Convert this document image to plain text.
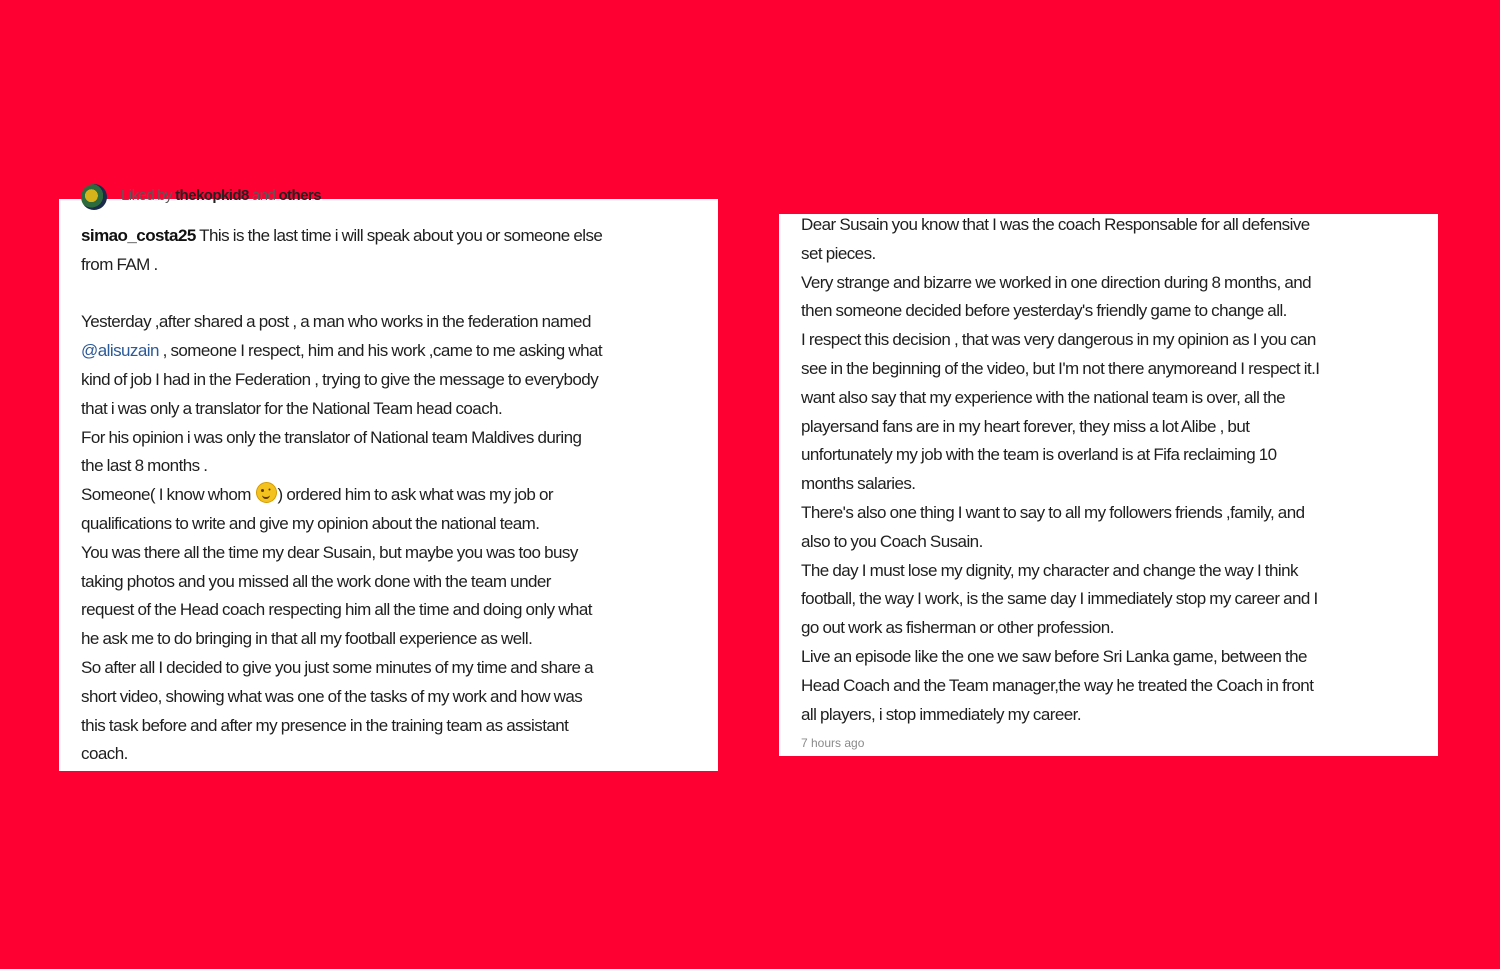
Liked by thekopkid8 and others

simao_costa25 This is the last time i will speak about you or someone else
from FAM .

Yesterday ,after shared a post , a man who works in the federation named
@alisuzain , someone I respect, him and his work ,came to me asking what
kind of job I had in the Federation , trying to give the message to everybody
that i was only a translator for the National Team head coach.
For his opinion i was only the translator of National team Maldives during
the last 8 months .
Someone( I know whom ) ordered him to ask what was my job or
qualifications to write and give my opinion about the national team.
You was there all the time my dear Susain, but maybe you was too busy
taking photos and you missed all the work done with the team under
request of the Head coach respecting him all the time and doing only what
he ask me to do bringing in that all my football experience as well.
So after all I decided to give you just some minutes of my time and share a
short video, showing what was one of the tasks of my work and how was
this task before and after my presence in the training team as assistant
coach.

Dear Susain you know that I was the coach Responsable for all defensive
set pieces.
Very strange and bizarre we worked in one direction during 8 months, and
then someone decided before yesterday's friendly game to change all.
I respect this decision , that was very dangerous in my opinion as I you can
see in the beginning of the video, but I'm not there anymoreand I respect it.I
want also say that my experience with the national team is over, all the
playersand fans are in my heart forever, they miss a lot Alibe , but
unfortunately my job with the team is overland is at Fifa reclaiming 10
months salaries.
There's also one thing I want to say to all my followers friends ,family, and
also to you Coach Susain.
The day I must lose my dignity, my character and change the way I think
football, the way I work, is the same day I immediately stop my career and I
go out work as fisherman or other profession.
Live an episode like the one we saw before Sri Lanka game, between the
Head Coach and the Team manager,the way he treated the Coach in front
all players, i stop immediately my career.

7 hours ago
